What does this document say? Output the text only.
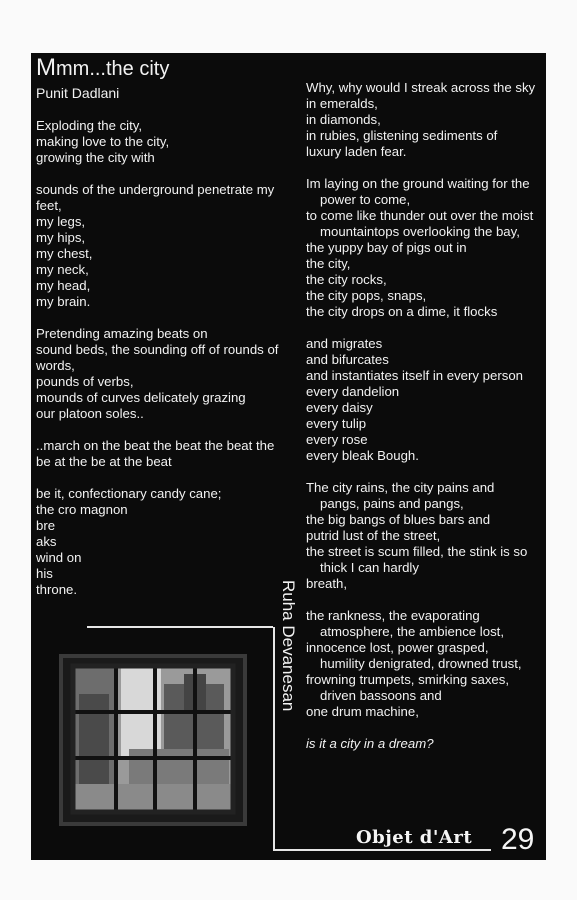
Mmm...the city
Punit Dadlani
Exploding the city,
making love to the city,
growing the city with
sounds of the underground penetrate my
feet,
my legs,
my hips,
my chest,
my neck,
my head,
my brain.
Pretending amazing beats on
sound beds, the sounding off of rounds of
words,
pounds of verbs,
mounds of curves delicately grazing
our platoon soles..
..march on the beat the beat the beat the
be at the be at the beat
be it, confectionary candy cane;
the cro magnon
bre
aks
wind on
his
throne.
Why, why would I streak across the sky
in emeralds,
in diamonds,
in rubies, glistening sediments of
luxury laden fear.
Im laying on the ground waiting for the
power to come,
to come like thunder out over the moist
mountaintops overlooking the bay,
the yuppy bay of pigs out in
the city,
the city rocks,
the city pops, snaps,
the city drops on a dime, it flocks
and migrates
and bifurcates
and instantiates itself in every person
every dandelion
every daisy
every tulip
every rose
every bleak Bough.
The city rains, the city pains and
pangs, pains and pangs,
the big bangs of blues bars and
putrid lust of the street,
the street is scum filled, the stink is so
thick I can hardly
breath,
the rankness, the evaporating
atmosphere, the ambience lost,
innocence lost, power grasped,
humility denigrated, drowned trust,
frowning trumpets, smirking saxes,
driven bassoons and
one drum machine,
is it a city in a dream?
Ruha Devanesan
Objet d'Art 29
